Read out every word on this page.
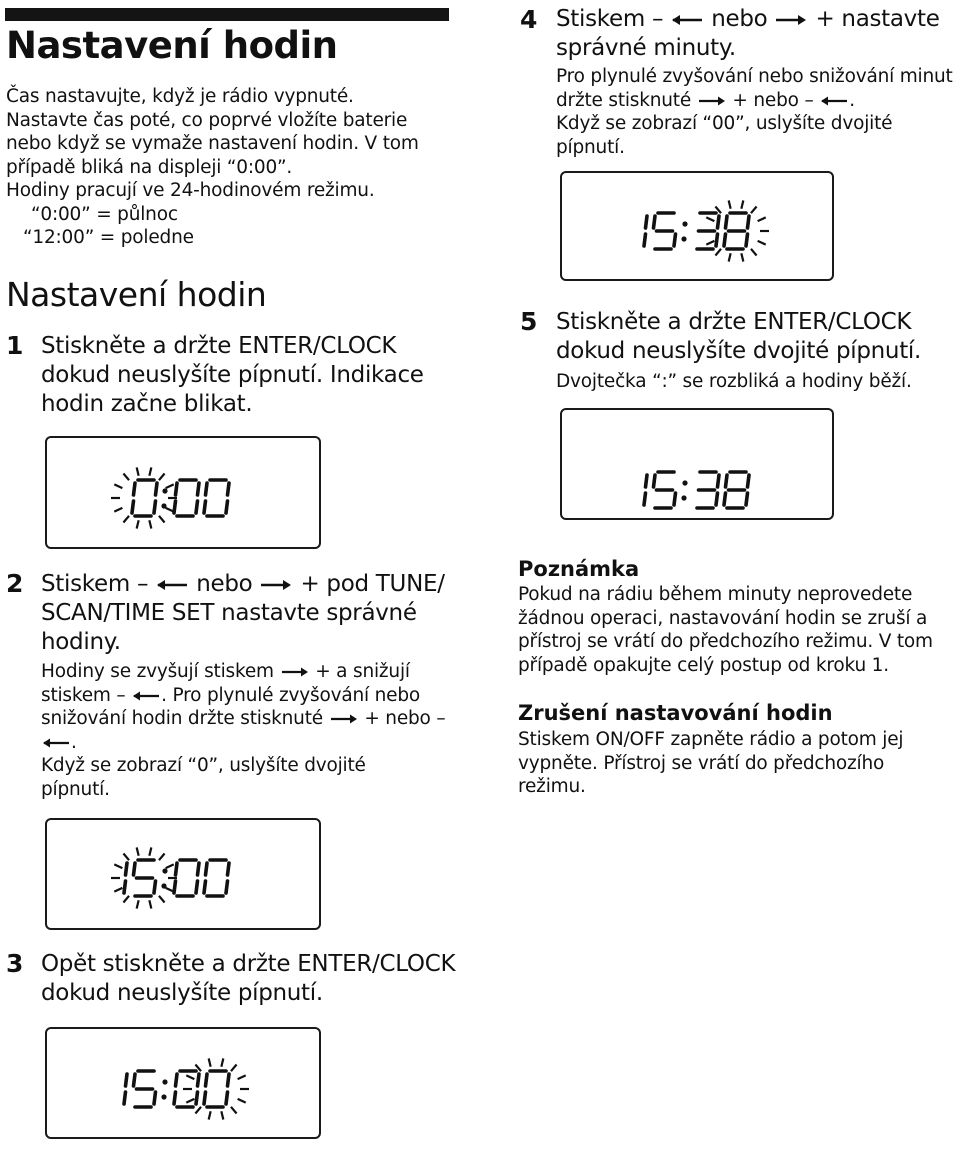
Nastavení hodin
Čas nastavujte, když je rádio vypnuté.
Nastavte čas poté, co poprvé vložíte baterie
nebo když se vymaže nastavení hodin. V tom
případě bliká na displeji “0:00”.
Hodiny pracují ve 24-hodinovém režimu.
“0:00” = půlnoc
“12:00” = poledne
Nastavení hodin
1 Stiskněte a držte ENTER/CLOCK
dokud neuslyšíte pípnutí. Indikace
hodin začne blikat.
2 Stiskem – nebo + pod TUNE/
SCAN/TIME SET nastavte správné
hodiny.
Hodiny se zvyšují stiskem + a snižují
stiskem – . Pro plynulé zvyšování nebo
snižování hodin držte stisknuté + nebo –
.
Když se zobrazí “0”, uslyšíte dvojité
pípnutí.
3 Opět stiskněte a držte ENTER/CLOCK
dokud neuslyšíte pípnutí.
4 Stiskem – nebo + nastavte
správné minuty.
Pro plynulé zvyšování nebo snižování minut
držte stisknuté + nebo – .
Když se zobrazí “00”, uslyšíte dvojité
pípnutí.
5 Stiskněte a držte ENTER/CLOCK
dokud neuslyšíte dvojité pípnutí.
Dvojtečka “:” se rozbliká a hodiny běží.
Poznámka
Pokud na rádiu během minuty neprovedete
žádnou operaci, nastavování hodin se zruší a
přístroj se vrátí do předchozího režimu. V tom
případě opakujte celý postup od kroku 1.
Zrušení nastavování hodin
Stiskem ON/OFF zapněte rádio a potom jej
vypněte. Přístroj se vrátí do předchozího
režimu.
